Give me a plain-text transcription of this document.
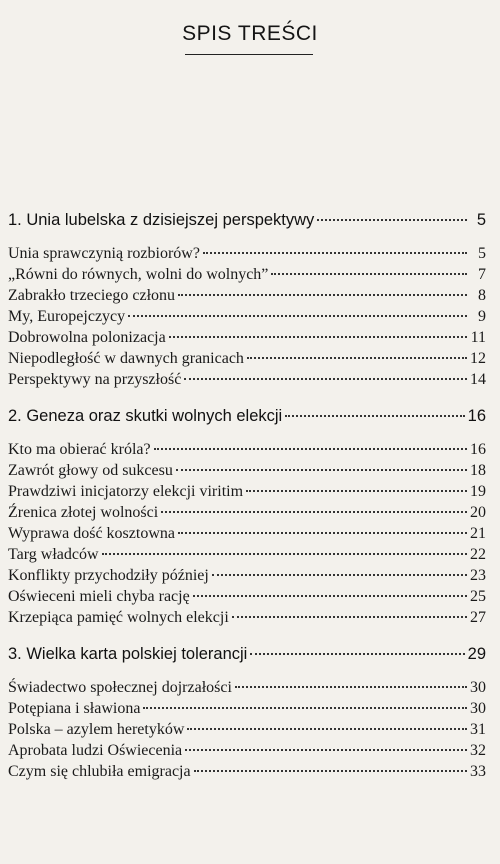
SPIS TREŚCI
1. Unia lubelska z dzisiejszej perspektywy	5
Unia sprawczynią rozbiorów?	5
„Równi do równych, wolni do wolnych”	7
Zabrakło trzeciego członu	8
My, Europejczycy	9
Dobrowolna polonizacja	11
Niepodległość w dawnych granicach	12
Perspektywy na przyszłość	14
2. Geneza oraz skutki wolnych elekcji	16
Kto ma obierać króla?	16
Zawrót głowy od sukcesu	18
Prawdziwi inicjatorzy elekcji viritim	19
Źrenica złotej wolności	20
Wyprawa dość kosztowna	21
Targ władców	22
Konflikty przychodziły później	23
Oświeceni mieli chyba rację	25
Krzepiąca pamięć wolnych elekcji	27
3. Wielka karta polskiej tolerancji	29
Świadectwo społecznej dojrzałości	30
Potępiana i sławiona	30
Polska – azylem heretyków	31
Aprobata ludzi Oświecenia	32
Czym się chlubiła emigracja	33
